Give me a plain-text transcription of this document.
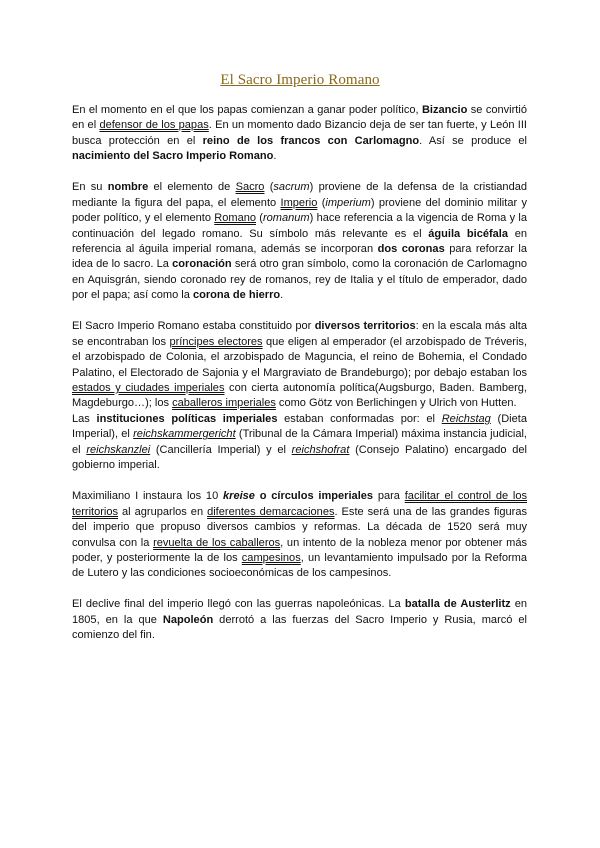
El Sacro Imperio Romano

En el momento en el que los papas comienzan a ganar poder político, Bizancio se convirtió en el defensor de los papas. En un momento dado Bizancio deja de ser tan fuerte, y León III busca protección en el reino de los francos con Carlomagno. Así se produce el nacimiento del Sacro Imperio Romano.

En su nombre el elemento de Sacro (sacrum) proviene de la defensa de la cristiandad mediante la figura del papa, el elemento Imperio (imperium) proviene del dominio militar y poder político, y el elemento Romano (romanum) hace referencia a la vigencia de Roma y la continuación del legado romano. Su símbolo más relevante es el águila bicéfala en referencia al águila imperial romana, además se incorporan dos coronas para reforzar la idea de lo sacro. La coronación será otro gran símbolo, como la coronación de Carlomagno en Aquisgrán, siendo coronado rey de romanos, rey de Italia y el título de emperador, dado por el papa; así como la corona de hierro.

El Sacro Imperio Romano estaba constituido por diversos territorios: en la escala más alta se encontraban los príncipes electores que eligen al emperador (el arzobispado de Tréveris, el arzobispado de Colonia, el arzobispado de Maguncia, el reino de Bohemia, el Condado Palatino, el Electorado de Sajonia y el Margraviato de Brandeburgo); por debajo estaban los estados y ciudades imperiales con cierta autonomía política(Augsburgo, Baden. Bamberg, Magdeburgo…); los caballeros imperiales como Götz von Berlichingen y Ulrich von Hutten.

Las instituciones políticas imperiales estaban conformadas por: el Reichstag (Dieta Imperial), el reichskammergericht (Tribunal de la Cámara Imperial) máxima instancia judicial, el reichskanzlei (Cancillería Imperial) y el reichshofrat (Consejo Palatino) encargado del gobierno imperial.

Maximiliano I instaura los 10 kreise o círculos imperiales para facilitar el control de los territorios al agruparlos en diferentes demarcaciones. Este será una de las grandes figuras del imperio que propuso diversos cambios y reformas. La década de 1520 será muy convulsa con la revuelta de los caballeros, un intento de la nobleza menor por obtener más poder, y posteriormente la de los campesinos, un levantamiento impulsado por la Reforma de Lutero y las condiciones socioeconómicas de los campesinos.

El declive final del imperio llegó con las guerras napoleónicas. La batalla de Austerlitz en 1805, en la que Napoleón derrotó a las fuerzas del Sacro Imperio y Rusia, marcó el comienzo del fin.
